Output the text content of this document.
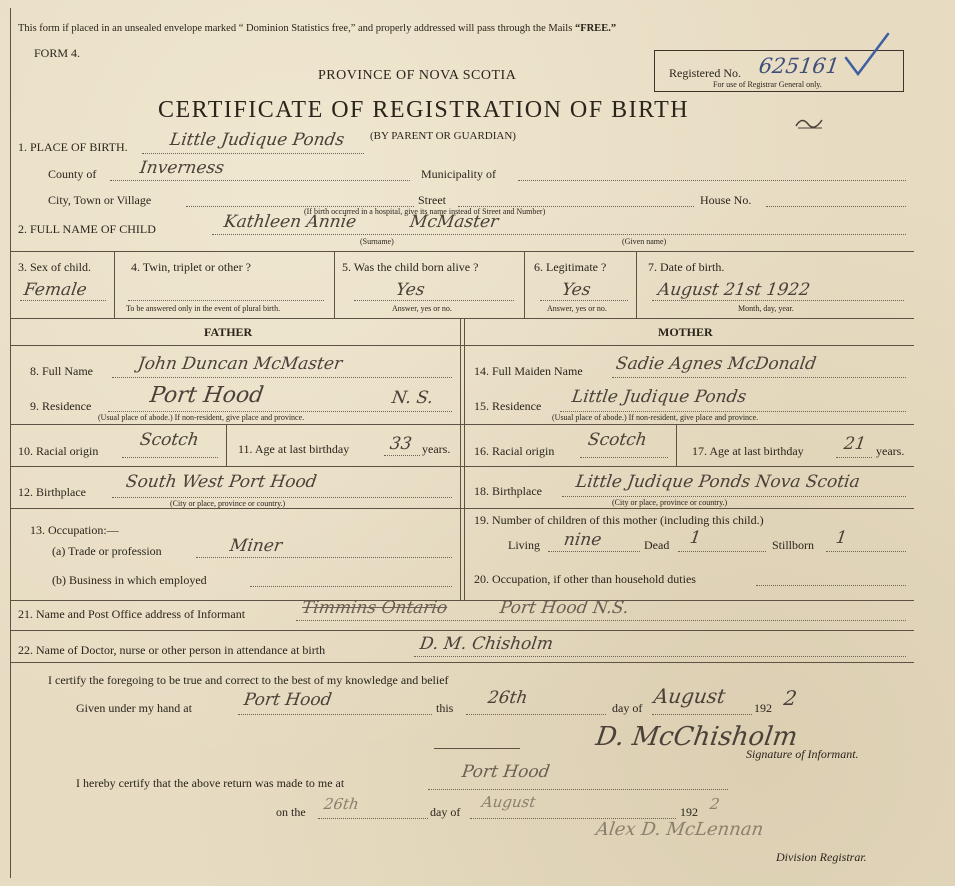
This form if placed in an unsealed envelope marked “ Dominion Statistics free,” and properly addressed will pass through the Mails “FREE.”
FORM 4.
PROVINCE OF NOVA SCOTIA
CERTIFICATE OF REGISTRATION OF BIRTH
Registered No. 625161
For use of Registrar General only.
1. PLACE OF BIRTH. Little Judique Ponds (BY PARENT OR GUARDIAN)
County of Inverness	Municipality of
City, Town or Village	Street	House No.
(If birth occurred in a hospital, give its name instead of Street and Number)
2. FULL NAME OF CHILD	Kathleen Annie	McMaster
(Surname)	(Given name)
3. Sex of child.
Female
4. Twin, triplet or other ?
To be answered only in the event of plural birth.
5. Was the child born alive ?
Yes
Answer, yes or no.
6. Legitimate ?
Yes
Answer, yes or no.
7. Date of birth.
August 21st 1922
Month, day, year.
FATHER	MOTHER
8. Full Name	John Duncan McMaster
9. Residence	Port Hood	N. S.
(Usual place of abode.) If non-resident, give place and province.
10. Racial origin
Scotch	11. Age at last birthday 33 years.
12. Birthplace South West Port Hood
(City or place, province or country.)
13. Occupation:—
(a) Trade or profession	Miner
(b) Business in which employed
14. Full Maiden Name Sadie Agnes McDonald
15. Residence Little Judique Ponds
(Usual place of abode.) If non-resident, give place and province.
16. Racial origin
Scotch
17. Age at last birthday 21 years.
18. Birthplace Little Judique Ponds Nova Scotia
(City or place, province or country.)
19. Number of children of this mother (including this child.)
Living nine	Dead 1	Stillborn 1
20. Occupation, if other than household duties
21. Name and Post Office address of Informant	Timmins Ontario	Port Hood N.S.
22. Name of Doctor, nurse or other person in attendance at birth	D. M. Chisholm
I certify the foregoing to be true and correct to the best of my knowledge and belief
Given under my hand at	Port Hood	this 26th	day of August 192 2
D. McChisholm
Signature of Informant.
I hereby certify that the above return was made to me at
Port Hood
on the 26th	day of
August
192 2
Alex D. McLennan
Division Registrar.
